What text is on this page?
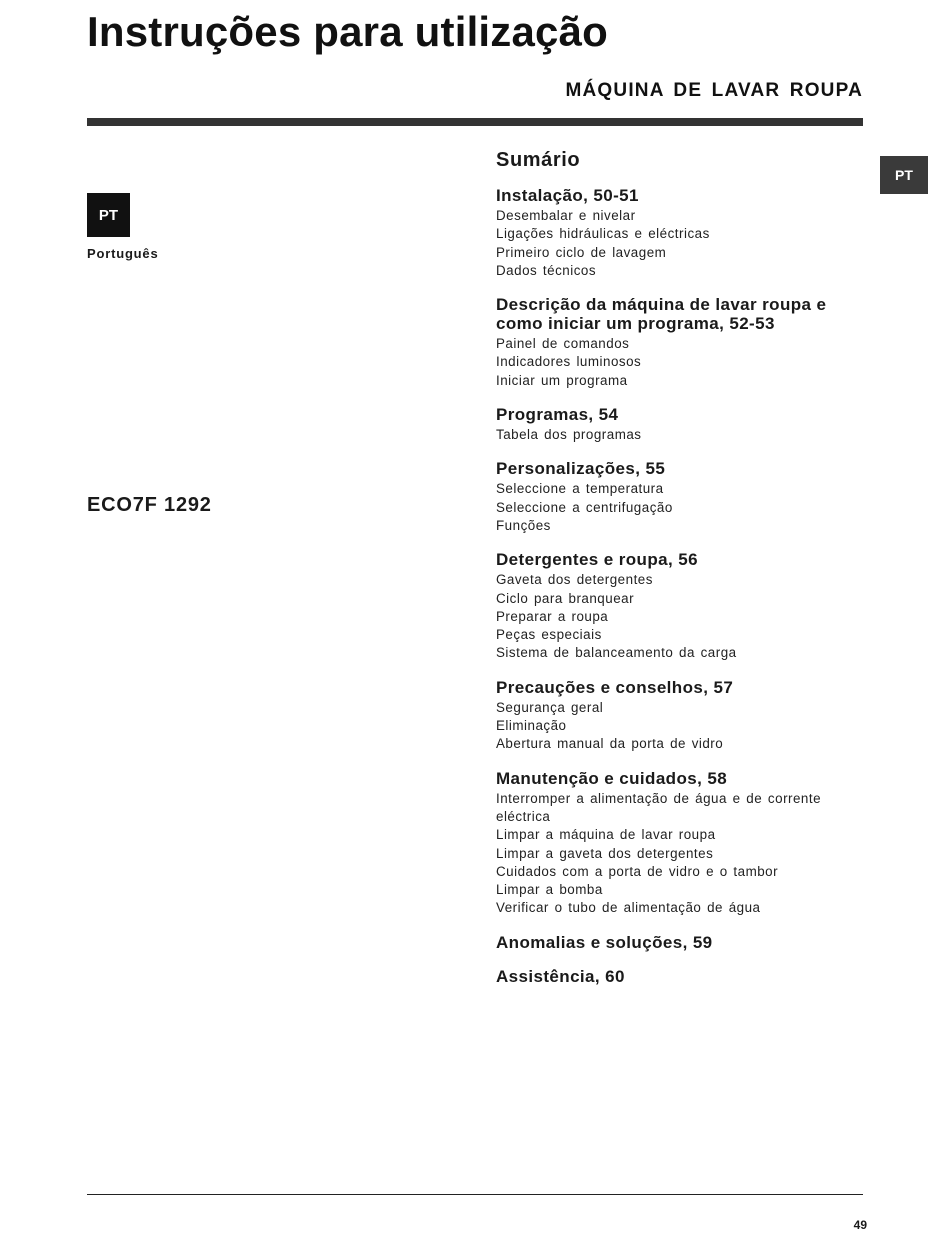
Instruções para utilização
MÁQUINA DE LAVAR ROUPA
PT
Português
ECO7F 1292
PT
Sumário
Instalação, 50-51
Desembalar e nivelar
Ligações hidráulicas e eléctricas
Primeiro ciclo de lavagem
Dados técnicos
Descrição da máquina de lavar roupa e como iniciar um programa, 52-53
Painel de comandos
Indicadores luminosos
Iniciar um programa
Programas, 54
Tabela dos programas
Personalizações, 55
Seleccione a temperatura
Seleccione a centrifugação
Funções
Detergentes e roupa, 56
Gaveta dos detergentes
Ciclo para branquear
Preparar a roupa
Peças especiais
Sistema de balanceamento da carga
Precauções e conselhos, 57
Segurança geral
Eliminação
Abertura manual da porta de vidro
Manutenção e cuidados, 58
Interromper a alimentação de água e de corrente eléctrica
Limpar a máquina de lavar roupa
Limpar a gaveta dos detergentes
Cuidados com a porta de vidro e o tambor
Limpar a bomba
Verificar o tubo de alimentação de água
Anomalias e soluções, 59
Assistência, 60
49
